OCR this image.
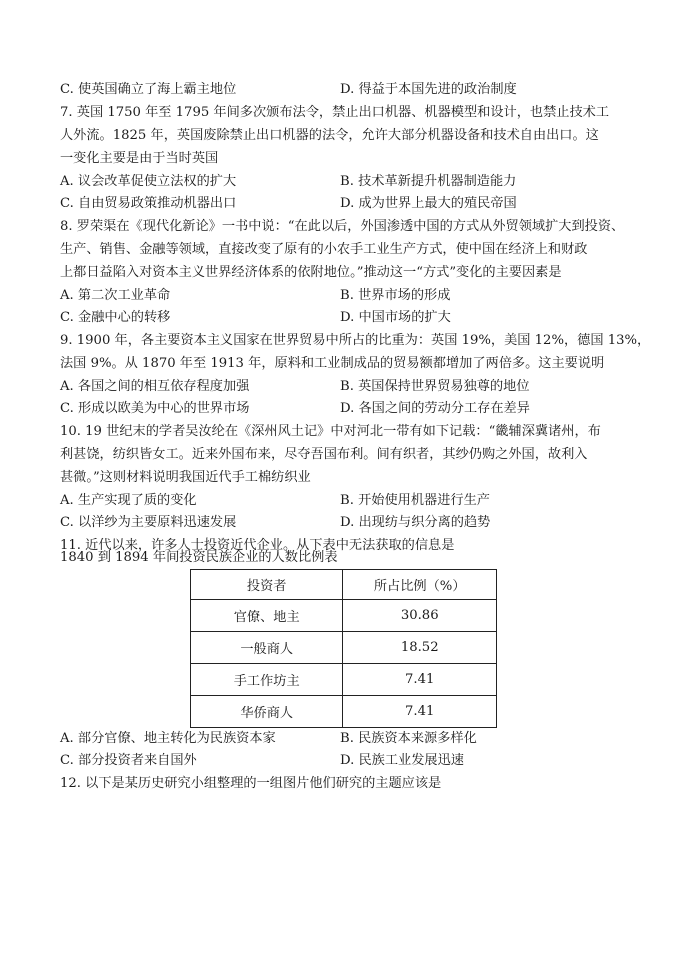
C. 使英国确立了海上霸主地位	D. 得益于本国先进的政治制度
7. 英国 1750 年至 1795 年间多次颁布法令，禁止出口机器、机器模型和设计，也禁止技术工
人外流。1825 年，英国废除禁止出口机器的法令，允许大部分机器设备和技术自由出口。这
一变化主要是由于当时英国
A. 议会改革促使立法权的扩大	B. 技术革新提升机器制造能力
C. 自由贸易政策推动机器出口	D. 成为世界上最大的殖民帝国
8. 罗荣渠在《现代化新论》一书中说：“在此以后，外国渗透中国的方式从外贸领域扩大到投资、
生产、销售、金融等领域，直接改变了原有的小农手工业生产方式，使中国在经济上和财政
上都日益陷入对资本主义世界经济体系的依附地位。”推动这一“方式”变化的主要因素是
A. 第二次工业革命	B. 世界市场的形成
C. 金融中心的转移	D. 中国市场的扩大
9. 1900 年，各主要资本主义国家在世界贸易中所占的比重为：英国 19%，美国 12%，德国 13%，
法国 9%。从 1870 年至 1913 年，原料和工业制成品的贸易额都增加了两倍多。这主要说明
A. 各国之间的相互依存程度加强	B. 英国保持世界贸易独尊的地位
C. 形成以欧美为中心的世界市场	D. 各国之间的劳动分工存在差异
10. 19 世纪末的学者吴汝纶在《深州风土记》中对河北一带有如下记载：“畿辅深冀诸州，布
利甚饶，纺织皆女工。近来外国布来，尽夺吾国布利。间有织者，其纱仍购之外国，故利入
甚微。”这则材料说明我国近代手工棉纺织业
A. 生产实现了质的变化	B. 开始使用机器进行生产
C. 以洋纱为主要原料迅速发展	D. 出现纺与织分离的趋势
11. 近代以来，许多人士投资近代企业。从下表中无法获取的信息是
1840 到 1894 年间投资民族企业的人数比例表
投资者	所占比例（%）
官僚、地主	30.86
一般商人	18.52
手工作坊主	7.41
华侨商人	7.41
A. 部分官僚、地主转化为民族资本家	B. 民族资本来源多样化
C. 部分投资者来自国外	D. 民族工业发展迅速
12. 以下是某历史研究小组整理的一组图片他们研究的主题应该是
